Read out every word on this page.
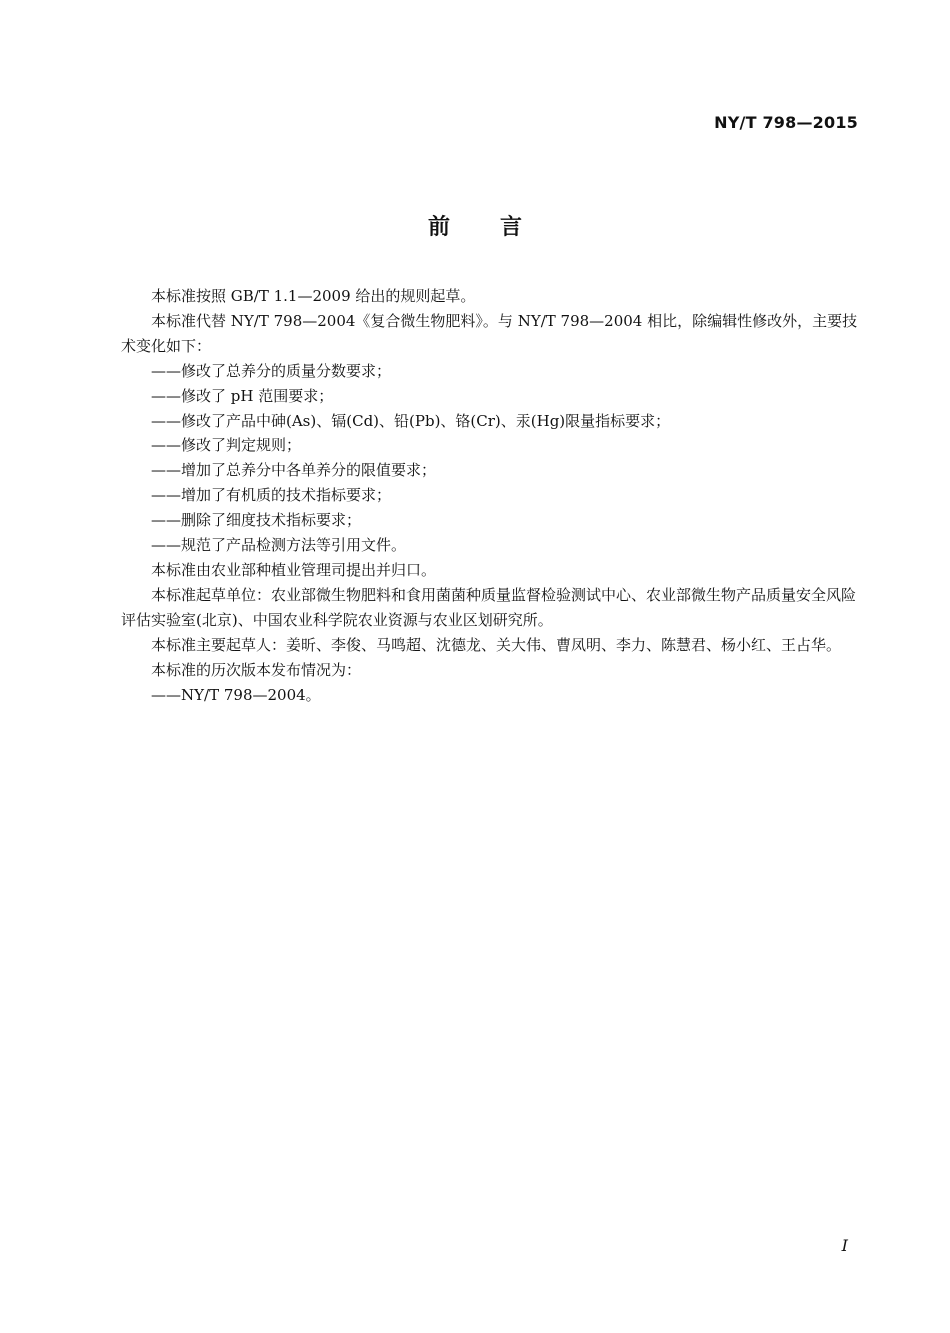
NY/T 798—2015
前言

本标准按照 GB/T 1.1—2009 给出的规则起草。

本标准代替 NY/T 798—2004《复合微生物肥料》。与 NY/T 798—2004 相比，除编辑性修改外，主要技术变化如下：

——修改了总养分的质量分数要求；

——修改了 pH 范围要求；

——修改了产品中砷(As)、镉(Cd)、铅(Pb)、铬(Cr)、汞(Hg)限量指标要求；

——修改了判定规则；

——增加了总养分中各单养分的限值要求；

——增加了有机质的技术指标要求；

——删除了细度技术指标要求；

——规范了产品检测方法等引用文件。

本标准由农业部种植业管理司提出并归口。

本标准起草单位：农业部微生物肥料和食用菌菌种质量监督检验测试中心、农业部微生物产品质量安全风险评估实验室(北京)、中国农业科学院农业资源与农业区划研究所。

本标准主要起草人：姜昕、李俊、马鸣超、沈德龙、关大伟、曹凤明、李力、陈慧君、杨小红、王占华。

本标准的历次版本发布情况为：

——NY/T 798—2004。

I
